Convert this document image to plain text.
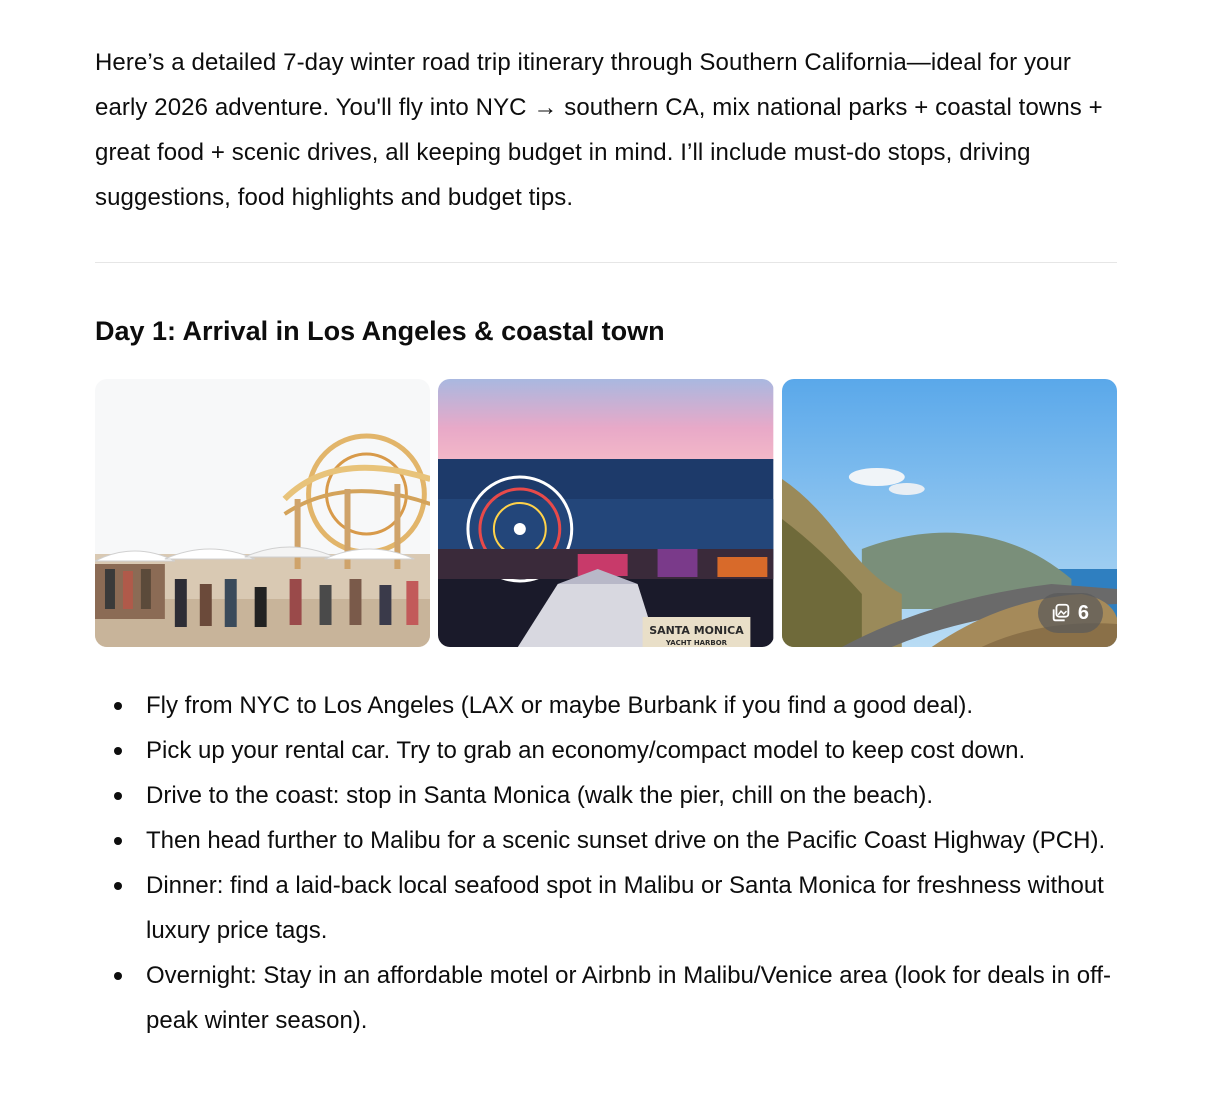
Here’s a detailed 7-day winter road trip itinerary through Southern California—ideal for your early 2026 adventure. You'll fly into NYC → southern CA, mix national parks + coastal towns + great food + scenic drives, all keeping budget in mind. I’ll include must-do stops, driving suggestions, food highlights and budget tips.

Day 1: Arrival in Los Angeles & coastal town
SANTA MONICA
YACHT HARBOR
6
Fly from NYC to Los Angeles (LAX or maybe Burbank if you find a good deal).
Pick up your rental car. Try to grab an economy/compact model to keep cost down.
Drive to the coast: stop in Santa Monica (walk the pier, chill on the beach).
Then head further to Malibu for a scenic sunset drive on the Pacific Coast Highway (PCH).
Dinner: find a laid-back local seafood spot in Malibu or Santa Monica for freshness without luxury price tags.
Overnight: Stay in an affordable motel or Airbnb in Malibu/Venice area (look for deals in off-peak winter season).
